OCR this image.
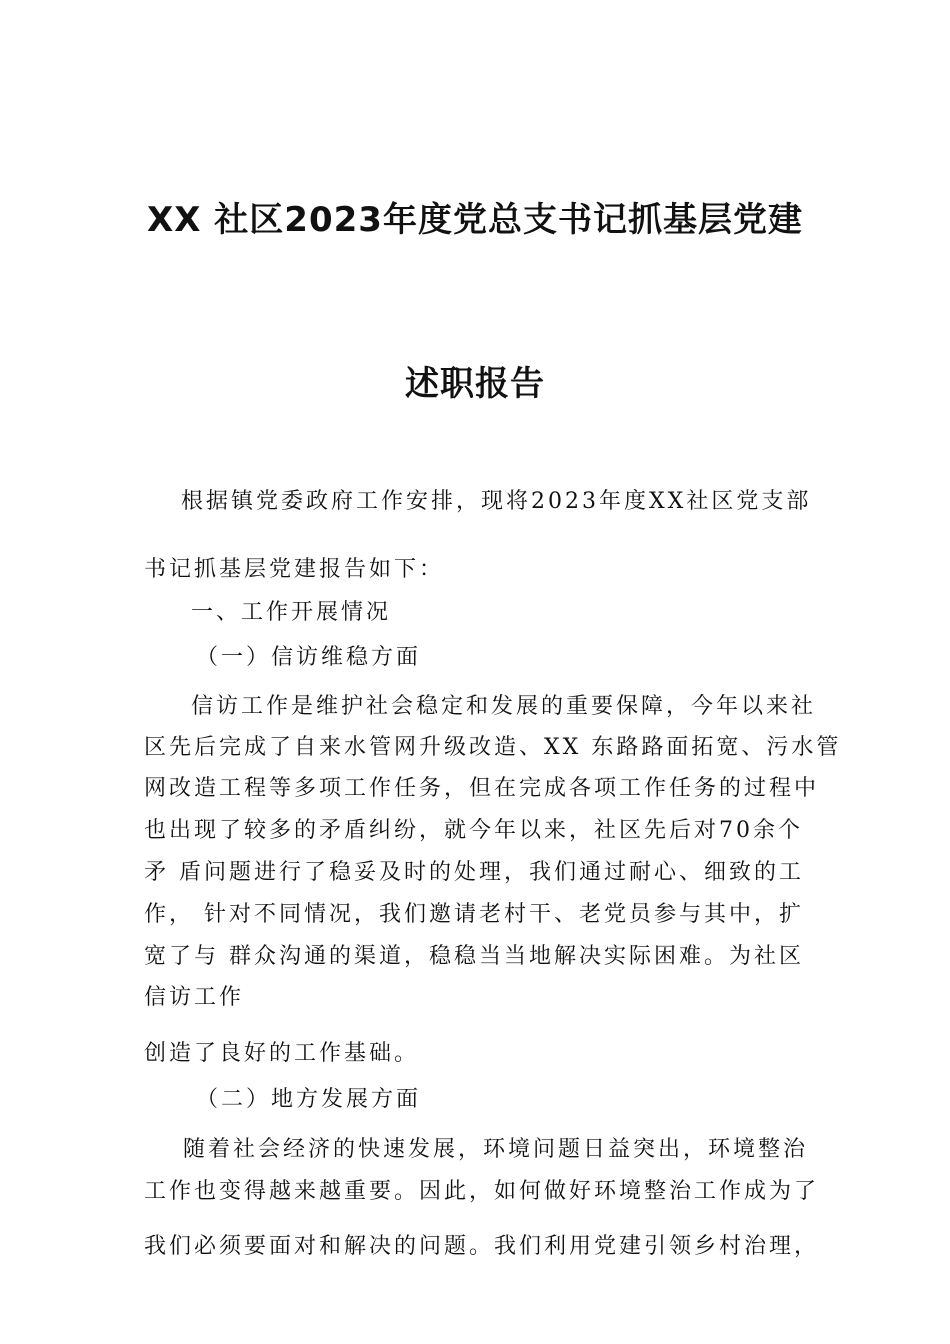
XX 社区2023年度党总支书记抓基层党建
述职报告

根据镇党委政府工作安排，现将2023年度XX社区党支部

书记抓基层党建报告如下：

一、工作开展情况

（一）信访维稳方面

信访工作是维护社会稳定和发展的重要保障，今年以来社

区先后完成了自来水管网升级改造、XX 东路路面拓宽、污水管

网改造工程等多项工作任务，但在完成各项工作任务的过程中

也出现了较多的矛盾纠纷，就今年以来，社区先后对70余个

矛 盾问题进行了稳妥及时的处理，我们通过耐心、细致的工

作， 针对不同情况，我们邀请老村干、老党员参与其中，扩

宽了与 群众沟通的渠道，稳稳当当地解决实际困难。为社区

信访工作

创造了良好的工作基础。

（二）地方发展方面

随着社会经济的快速发展，环境问题日益突出，环境整治

工作也变得越来越重要。因此，如何做好环境整治工作成为了

我们必须要面对和解决的问题。我们利用党建引领乡村治理，
